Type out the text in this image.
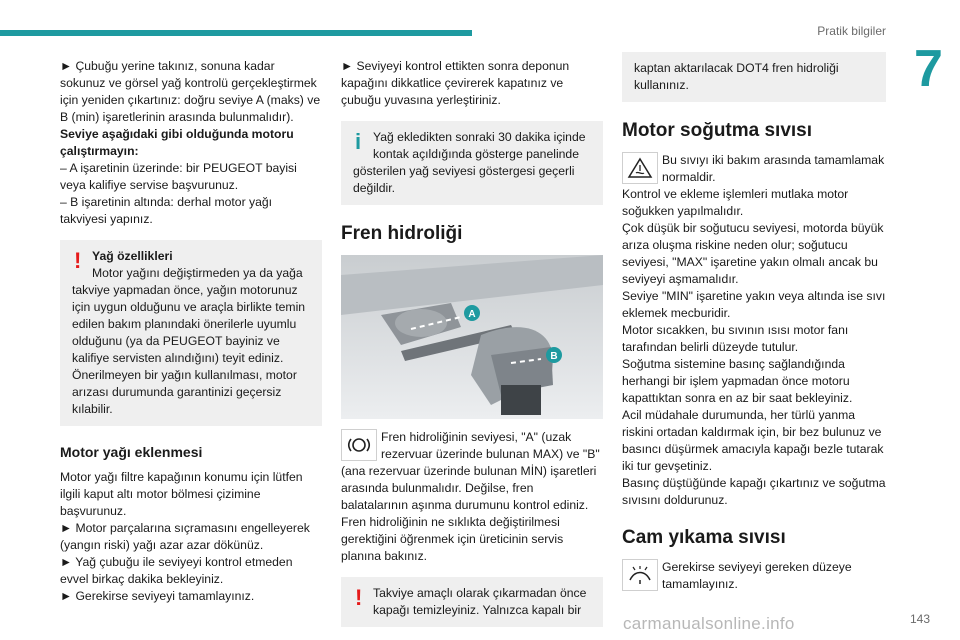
Pratik bilgiler
7

► Çubuğu yerine takınız, sonuna kadar sokunuz ve görsel yağ kontrolü gerçekleştirmek için yeniden çıkartınız: doğru seviye A (maks) ve B (min) işaretlerinin arasında bulunmalıdır).

Seviye aşağıdaki gibi olduğunda motoru çalıştırmayın:

– A işaretinin üzerinde: bir PEUGEOT bayisi veya kalifiye servise başvurunuz.

– B işaretinin altında: derhal motor yağı takviyesi yapınız.

! Yağ özellikleri

Motor yağını değiştirmeden ya da yağa

takviye yapmadan önce, yağın motorunuz için uygun olduğunu ve araçla birlikte temin edilen bakım planındaki önerilerle uyumlu olduğunu (ya da PEUGEOT bayiniz ve kalifiye servisten alındığını) teyit ediniz.

Önerilmeyen bir yağın kullanılması, motor arızası durumunda garantinizi geçersiz kılabilir.

Motor yağı eklenmesi

Motor yağı filtre kapağının konumu için lütfen ilgili kaput altı motor bölmesi çizimine başvurunuz.

► Motor parçalarına sıçramasını engelleyerek (yangın riski) yağı azar azar dökünüz.

► Yağ çubuğu ile seviyeyi kontrol etmeden evvel birkaç dakika bekleyiniz.

► Gerekirse seviyeyi tamamlayınız.

► Seviyeyi kontrol ettikten sonra deponun kapağını dikkatlice çevirerek kapatınız ve çubuğu yuvasına yerleştiriniz.

i Yağ ekledikten sonraki 30 dakika içinde

kontak açıldığında gösterge panelinde

gösterilen yağ seviyesi göstergesi geçerli değildir.

Fren hidroliği
A
B

Fren hidroliğinin seviyesi, "A" (uzak

rezervuar üzerinde bulunan MAX) ve "B"

(ana rezervuar üzerinde bulunan MİN) işaretleri arasında bulunmalıdır. Değilse, fren balatalarının aşınma durumunu kontrol ediniz.

Fren hidroliğinin ne sıklıkta değiştirilmesi gerektiğini öğrenmek için üreticinin servis planına bakınız.

! Takviye amaçlı olarak çıkarmadan önce

kapağı temizleyiniz. Yalnızca kapalı bir

kaptan aktarılacak DOT4 fren hidroliği kullanınız.

Motor soğutma sıvısı

Bu sıvıyı iki bakım arasında tamamlamak

normaldir.

Kontrol ve ekleme işlemleri mutlaka motor soğukken yapılmalıdır.

Çok düşük bir soğutucu seviyesi, motorda büyük arıza oluşma riskine neden olur; soğutucu seviyesi, "MAX" işaretine yakın olmalı ancak bu seviyeyi aşmamalıdır.

Seviye "MIN" işaretine yakın veya altında ise sıvı eklemek mecburidir.

Motor sıcakken, bu sıvının ısısı motor fanı tarafından belirli düzeyde tutulur.

Soğutma sistemine basınç sağlandığında herhangi bir işlem yapmadan önce motoru kapattıktan sonra en az bir saat bekleyiniz.

Acil müdahale durumunda, her türlü yanma riskini ortadan kaldırmak için, bir bez bulunuz ve basıncı düşürmek amacıyla kapağı bezle tutarak iki tur gevşetiniz.

Basınç düştüğünde kapağı çıkartınız ve soğutma sıvısını doldurunuz.

Cam yıkama sıvısı

Gerekirse seviyeyi gereken düzeye

tamamlayınız.

carmanualsonline.info	143
